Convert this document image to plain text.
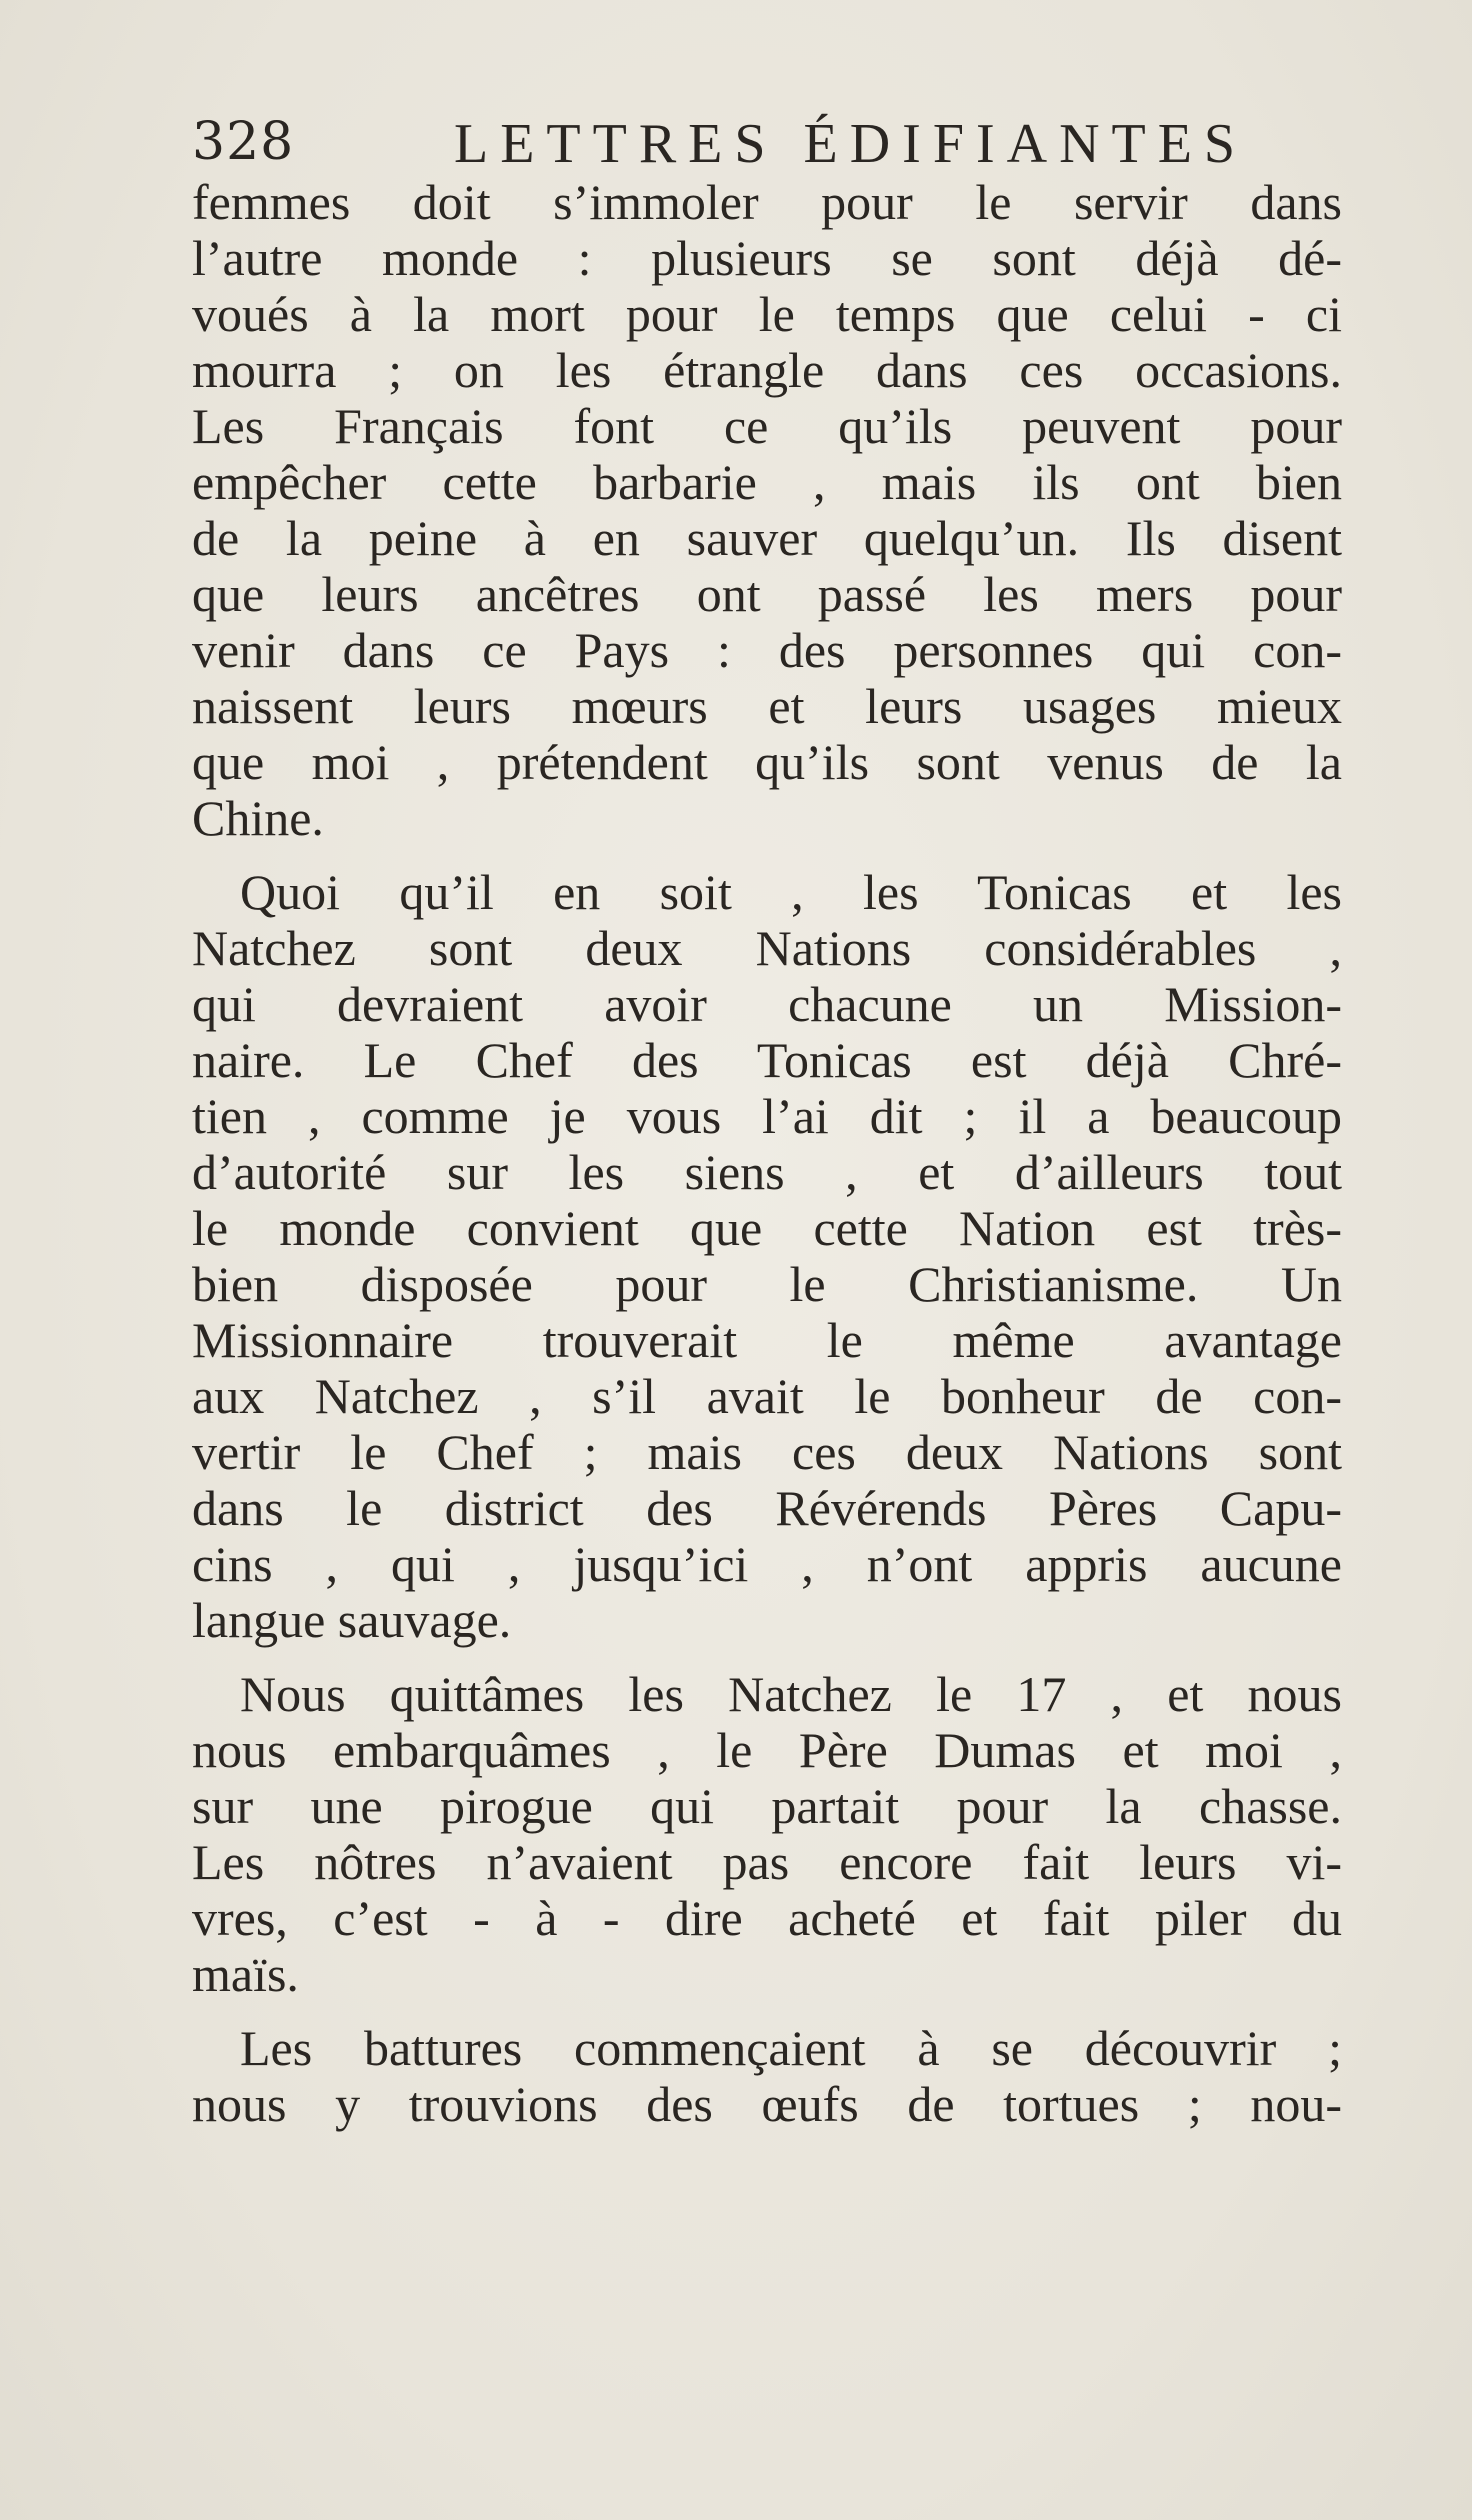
328	LETTRES ÉDIFIANTES
femmes doit s’immoler pour le servir dans
l’autre monde : plusieurs se sont déjà dé-
voués à la mort pour le temps que celui - ci
mourra ; on les étrangle dans ces occasions.
Les Français font ce qu’ils peuvent pour
empêcher cette barbarie , mais ils ont bien
de la peine à en sauver quelqu’un. Ils disent
que leurs ancêtres ont passé les mers pour
venir dans ce Pays : des personnes qui con-
naissent leurs mœurs et leurs usages mieux
que moi , prétendent qu’ils sont venus de la
Chine.
Quoi qu’il en soit , les Tonicas et les
Natchez sont deux Nations considérables ,
qui devraient avoir chacune un Mission-
naire. Le Chef des Tonicas est déjà Chré-
tien , comme je vous l’ai dit ; il a beaucoup
d’autorité sur les siens , et d’ailleurs tout
le monde convient que cette Nation est très-
bien disposée pour le Christianisme. Un
Missionnaire trouverait le même avantage
aux Natchez , s’il avait le bonheur de con-
vertir le Chef ; mais ces deux Nations sont
dans le district des Révérends Pères Capu-
cins , qui , jusqu’ici , n’ont appris aucune
langue sauvage.
Nous quittâmes les Natchez le 17 , et nous
nous embarquâmes , le Père Dumas et moi ,
sur une pirogue qui partait pour la chasse.
Les nôtres n’avaient pas encore fait leurs vi-
vres, c’est - à - dire acheté et fait piler du
maïs.
Les battures commençaient à se découvrir ;
nous y trouvions des œufs de tortues ; nou-
